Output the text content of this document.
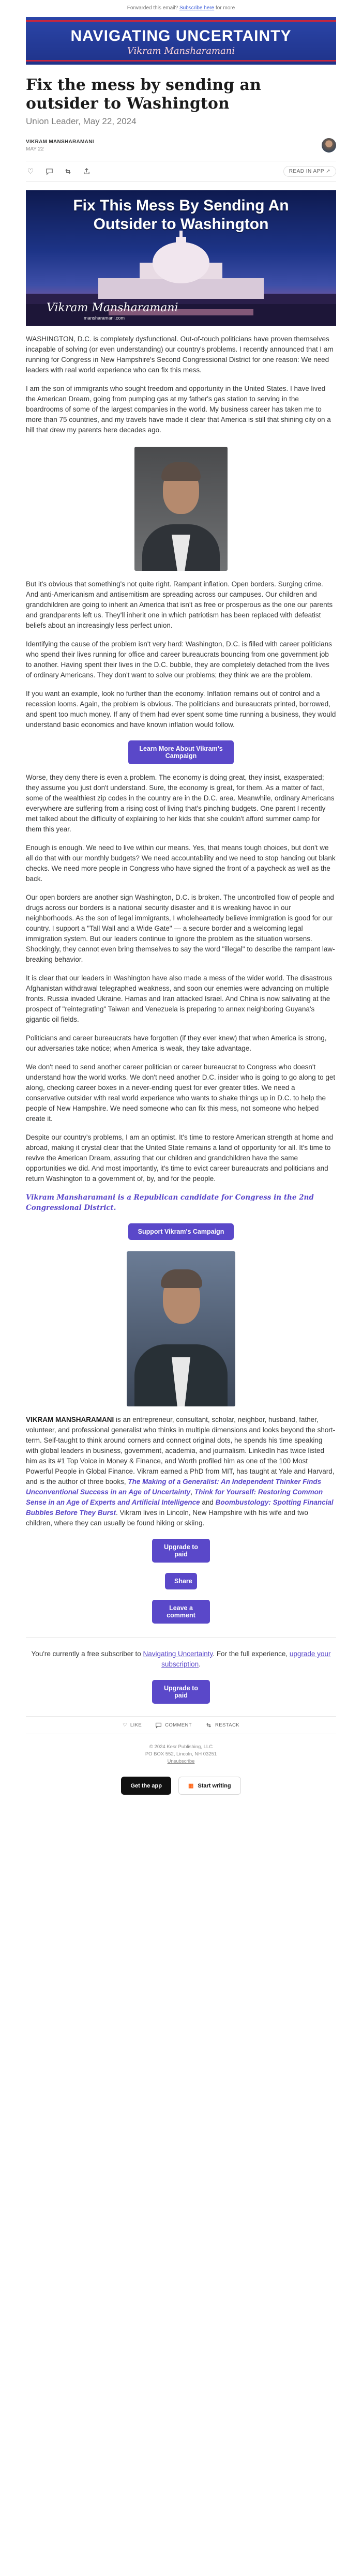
Forwarded this email? Subscribe here for more
NAVIGATING UNCERTAINTY
Vikram Mansharamani
Fix the mess by sending an outsider to Washington
Union Leader, May 22, 2024
VIKRAM MANSHARAMANI
MAY 22
♡	READ IN APP ↗
Fix This Mess By Sending An
Outsider to Washington
Vikram Mansharamani
mansharamani.com

WASHINGTON, D.C. is completely dysfunctional. Out-of-touch politicians have proven themselves incapable of solving (or even understanding) our country's problems. I recently announced that I am running for Congress in New Hampshire's Second Congressional District for one reason: We need leaders with real world experience who can fix this mess.

I am the son of immigrants who sought freedom and opportunity in the United States. I have lived the American Dream, going from pumping gas at my father's gas station to serving in the boardrooms of some of the largest companies in the world. My business career has taken me to more than 75 countries, and my travels have made it clear that America is still that shining city on a hill that drew my parents here decades ago.

But it's obvious that something's not quite right. Rampant inflation. Open borders. Surging crime. And anti-Americanism and antisemitism are spreading across our campuses. Our children and grandchildren are going to inherit an America that isn't as free or prosperous as the one our parents and grandparents left us. They'll inherit one in which patriotism has been replaced with defeatist beliefs about an increasingly less perfect union.

Identifying the cause of the problem isn't very hard: Washington, D.C. is filled with career politicians who spend their lives running for office and career bureaucrats bouncing from one government job to another. Having spent their lives in the D.C. bubble, they are completely detached from the lives of ordinary Americans. They don't want to solve our problems; they think we are the problem.

If you want an example, look no further than the economy. Inflation remains out of control and a recession looms. Again, the problem is obvious. The politicians and bureaucrats printed, borrowed, and spent too much money. If any of them had ever spent some time running a business, they would understand basic economics and have known inflation would follow.

Learn More About Vikram's Campaign

Worse, they deny there is even a problem. The economy is doing great, they insist, exasperated; they assume you just don't understand. Sure, the economy is great, for them. As a matter of fact, some of the wealthiest zip codes in the country are in the D.C. area. Meanwhile, ordinary Americans everywhere are suffering from a rising cost of living that's pinching budgets. One parent I recently met talked about the difficulty of explaining to her kids that she couldn't afford summer camp for them this year.

Enough is enough. We need to live within our means. Yes, that means tough choices, but don't we all do that with our monthly budgets? We need accountability and we need to stop handing out blank checks. We need more people in Congress who have signed the front of a paycheck as well as the back.

Our open borders are another sign Washington, D.C. is broken. The uncontrolled flow of people and drugs across our borders is a national security disaster and it is wreaking havoc in our neighborhoods. As the son of legal immigrants, I wholeheartedly believe immigration is good for our country. I support a "Tall Wall and a Wide Gate" — a secure border and a welcoming legal immigration system. But our leaders continue to ignore the problem as the situation worsens. Shockingly, they cannot even bring themselves to say the word "illegal" to describe the rampant law-breaking behavior.

It is clear that our leaders in Washington have also made a mess of the wider world. The disastrous Afghanistan withdrawal telegraphed weakness, and soon our enemies were advancing on multiple fronts. Russia invaded Ukraine. Hamas and Iran attacked Israel. And China is now salivating at the prospect of "reintegrating" Taiwan and Venezuela is preparing to annex neighboring Guyana's gigantic oil fields.

Politicians and career bureaucrats have forgotten (if they ever knew) that when America is strong, our adversaries take notice; when America is weak, they take advantage.

We don't need to send another career politician or career bureaucrat to Congress who doesn't understand how the world works. We don't need another D.C. insider who is going to go along to get along, checking career boxes in a never-ending quest for ever greater titles. We need a conservative outsider with real world experience who wants to shake things up in D.C. to help the people of New Hampshire. We need someone who can fix this mess, not someone who helped create it.

Despite our country's problems, I am an optimist. It's time to restore American strength at home and abroad, making it crystal clear that the United State remains a land of opportunity for all. It's time to revive the American Dream, assuring that our children and grandchildren have the same opportunities we did. And most importantly, it's time to evict career bureaucrats and politicians and return Washington to a government of, by, and for the people.

Vikram Mansharamani is a Republican candidate for Congress in the 2nd Congressional District.

Support Vikram's Campaign

VIKRAM MANSHARAMANI is an entrepreneur, consultant, scholar, neighbor, husband, father, volunteer, and professional generalist who thinks in multiple dimensions and looks beyond the short-term. Self-taught to think around corners and connect original dots, he spends his time speaking with global leaders in business, government, academia, and journalism. LinkedIn has twice listed him as its #1 Top Voice in Money & Finance, and Worth profiled him as one of the 100 Most Powerful People in Global Finance. Vikram earned a PhD from MIT, has taught at Yale and Harvard, and is the author of three books, The Making of a Generalist: An Independent Thinker Finds Unconventional Success in an Age of Uncertainty, Think for Yourself: Restoring Common Sense in an Age of Experts and Artificial Intelligence and Boombustology: Spotting Financial Bubbles Before They Burst. Vikram lives in Lincoln, New Hampshire with his wife and two children, where they can usually be found hiking or skiing.

Upgrade to paid
Share
Leave a comment

You're currently a free subscriber to Navigating Uncertainty. For the full experience, upgrade your subscription.

Upgrade to paid
♡ LIKE	COMMENT	RESTACK
© 2024 Kesr Publishing, LLC
PO BOX 552, Lincoln, NH 03251
Unsubscribe
Get the app	▦ Start writing
